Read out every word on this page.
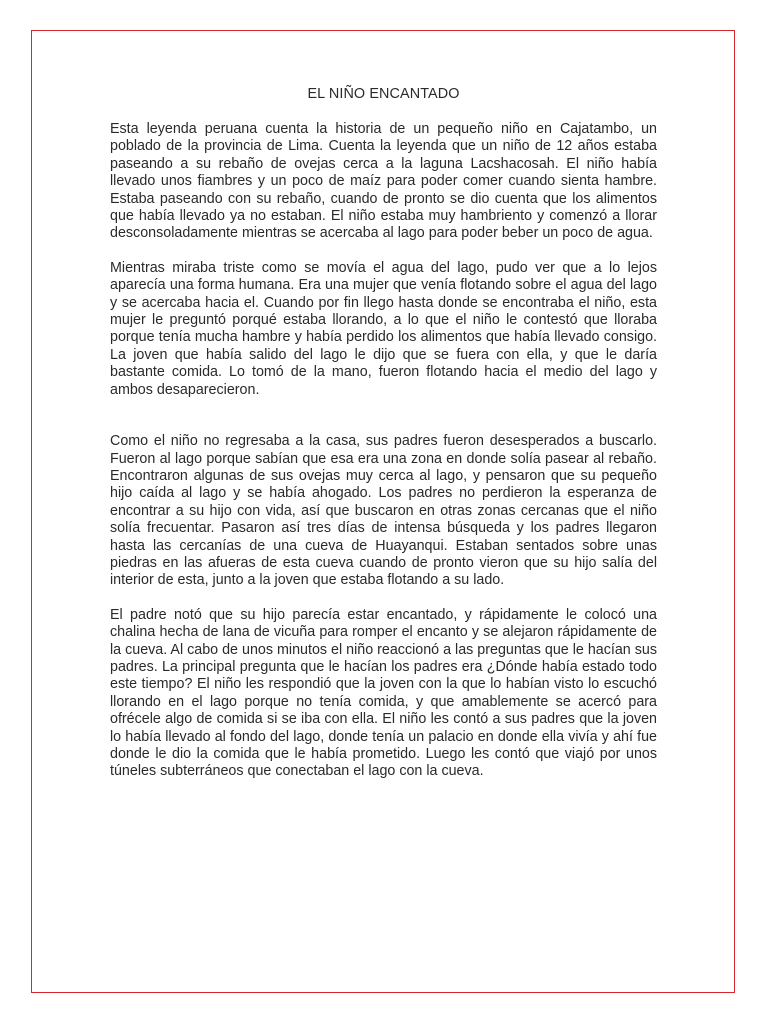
EL NIÑO ENCANTADO

Esta leyenda peruana cuenta la historia de un pequeño niño en Cajatambo, un poblado de la provincia de Lima. Cuenta la leyenda que un niño de 12 años estaba paseando a su rebaño de ovejas cerca a la laguna Lacshacosah. El niño había llevado unos fiambres y un poco de maíz para poder comer cuando sienta hambre. Estaba paseando con su rebaño, cuando de pronto se dio cuenta que los alimentos que había llevado ya no estaban. El niño estaba muy hambriento y comenzó a llorar desconsoladamente mientras se acercaba al lago para poder beber un poco de agua.

Mientras miraba triste como se movía el agua del lago, pudo ver que a lo lejos aparecía una forma humana. Era una mujer que venía flotando sobre el agua del lago y se acercaba hacia el. Cuando por fin llego hasta donde se encontraba el niño, esta mujer le preguntó porqué estaba llorando, a lo que el niño le contestó que lloraba porque tenía mucha hambre y había perdido los alimentos que había llevado consigo. La joven que había salido del lago le dijo que se fuera con ella, y que le daría bastante comida. Lo tomó de la mano, fueron flotando hacia el medio del lago y ambos desaparecieron.

Como el niño no regresaba a la casa, sus padres fueron desesperados a buscarlo. Fueron al lago porque sabían que esa era una zona en donde solía pasear al rebaño. Encontraron algunas de sus ovejas muy cerca al lago, y pensaron que su pequeño hijo caída al lago y se había ahogado. Los padres no perdieron la esperanza de encontrar a su hijo con vida, así que buscaron en otras zonas cercanas que el niño solía frecuentar. Pasaron así tres días de intensa búsqueda y los padres llegaron hasta las cercanías de una cueva de Huayanqui. Estaban sentados sobre unas piedras en las afueras de esta cueva cuando de pronto vieron que su hijo salía del interior de esta, junto a la joven que estaba flotando a su lado.

El padre notó que su hijo parecía estar encantado, y rápidamente le colocó una chalina hecha de lana de vicuña para romper el encanto y se alejaron rápidamente de la cueva. Al cabo de unos minutos el niño reaccionó a las preguntas que le hacían sus padres. La principal pregunta que le hacían los padres era ¿Dónde había estado todo este tiempo? El niño les respondió que la joven con la que lo habían visto lo escuchó llorando en el lago porque no tenía comida, y que amablemente se acercó para ofrécele algo de comida si se iba con ella. El niño les contó a sus padres que la joven lo había llevado al fondo del lago, donde tenía un palacio en donde ella vivía y ahí fue donde le dio la comida que le había prometido. Luego les contó que viajó por unos túneles subterráneos que conectaban el lago con la cueva.
